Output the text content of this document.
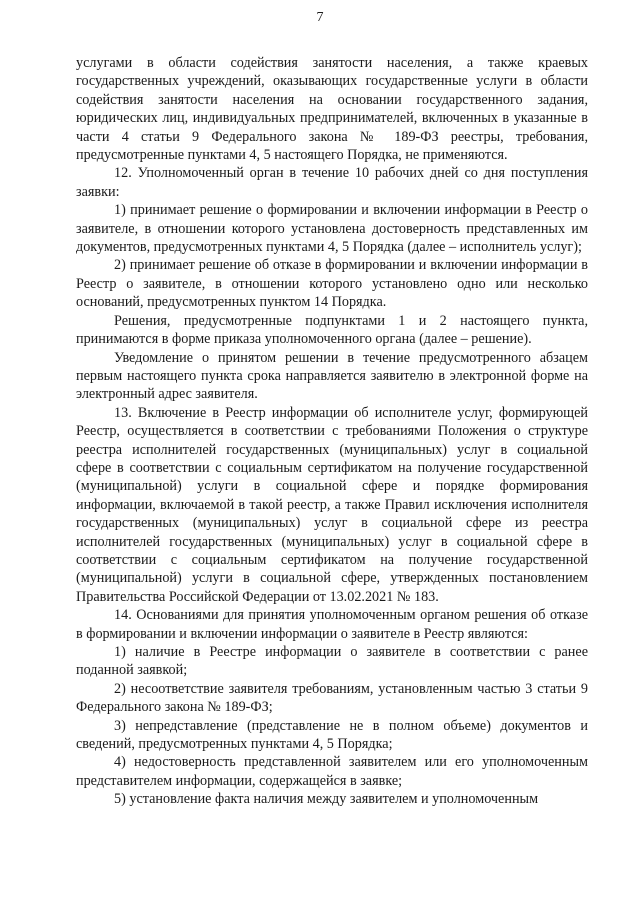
7

услугами в области содействия занятости населения, а также краевых государственных учреждений, оказывающих государственные услуги в области содействия занятости населения на основании государственного задания, юридических лиц, индивидуальных предпринимателей, включенных в указанные в части 4 статьи 9 Федерального закона № 189-ФЗ реестры, требования, предусмотренные пунктами 4, 5 настоящего Порядка, не применяются.

12. Уполномоченный орган в течение 10 рабочих дней со дня поступления заявки:

1) принимает решение о формировании и включении информации в Реестр о заявителе, в отношении которого установлена достоверность представленных им документов, предусмотренных пунктами 4, 5 Порядка (далее – исполнитель услуг);

2) принимает решение об отказе в формировании и включении информации в Реестр о заявителе, в отношении которого установлено одно или несколько оснований, предусмотренных пунктом 14 Порядка.

Решения, предусмотренные подпунктами 1 и 2 настоящего пункта, принимаются в форме приказа уполномоченного органа (далее – решение).

Уведомление о принятом решении в течение предусмотренного абзацем первым настоящего пункта срока направляется заявителю в электронной форме на электронный адрес заявителя.

13. Включение в Реестр информации об исполнителе услуг, формирующей Реестр, осуществляется в соответствии с требованиями Положения о структуре реестра исполнителей государственных (муниципальных) услуг в социальной сфере в соответствии с социальным сертификатом на получение государственной (муниципальной) услуги в социальной сфере и порядке формирования информации, включаемой в такой реестр, а также Правил исключения исполнителя государственных (муниципальных) услуг в социальной сфере из реестра исполнителей государственных (муниципальных) услуг в социальной сфере в соответствии с социальным сертификатом на получение государственной (муниципальной) услуги в социальной сфере, утвержденных постановлением Правительства Российской Федерации от 13.02.2021 № 183.

14. Основаниями для принятия уполномоченным органом решения об отказе в формировании и включении информации о заявителе в Реестр являются:

1) наличие в Реестре информации о заявителе в соответствии с ранее поданной заявкой;

2) несоответствие заявителя требованиям, установленным частью 3 статьи 9 Федерального закона № 189-ФЗ;

3) непредставление (представление не в полном объеме) документов и сведений, предусмотренных пунктами 4, 5 Порядка;

4) недостоверность представленной заявителем или его уполномоченным представителем информации, содержащейся в заявке;

5) установление факта наличия между заявителем и уполномоченным
